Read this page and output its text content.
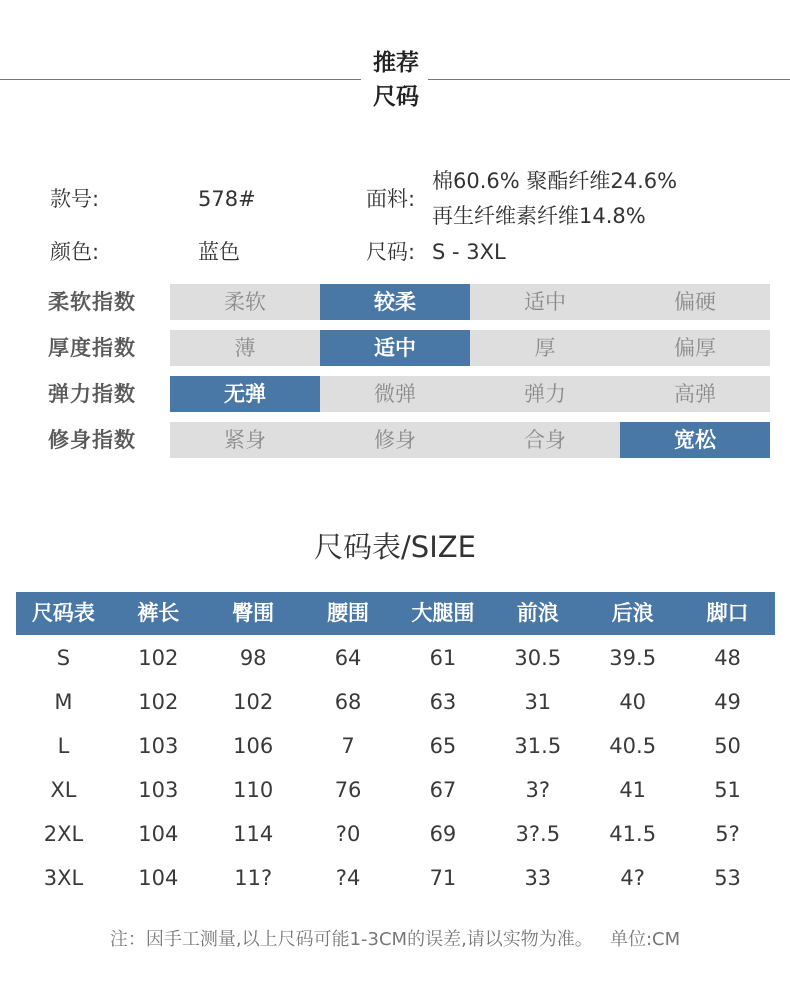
推荐
尺码
款号:	578#	面料:
棉60.6% 聚酯纤维24.6%
再生纤维素纤维14.8%
颜色:	蓝色	尺码: S - 3XL
柔软指数	柔软	较柔	适中	偏硬
厚度指数	薄	适中	厚	偏厚
弹力指数	无弹	微弹	弹力	高弹
修身指数	紧身	修身	合身	宽松
尺码表/SIZE
尺码表	裤长	臀围	腰围	大腿围	前浪	后浪	脚口
S	102	98	64	61	30.5	39.5	48
M	102	102	68	63	31	40	49
L	103	106	7	65	31.5	40.5	50
XL	103	110	76	67	3?	41	51
2XL	104	114	?0	69	3?.5	41.5	5?
3XL	104	11?	?4	71	33	4?	53
注：因手工测量,以上尺码可能1-3CM的误差,请以实物为准。   单位:CM
